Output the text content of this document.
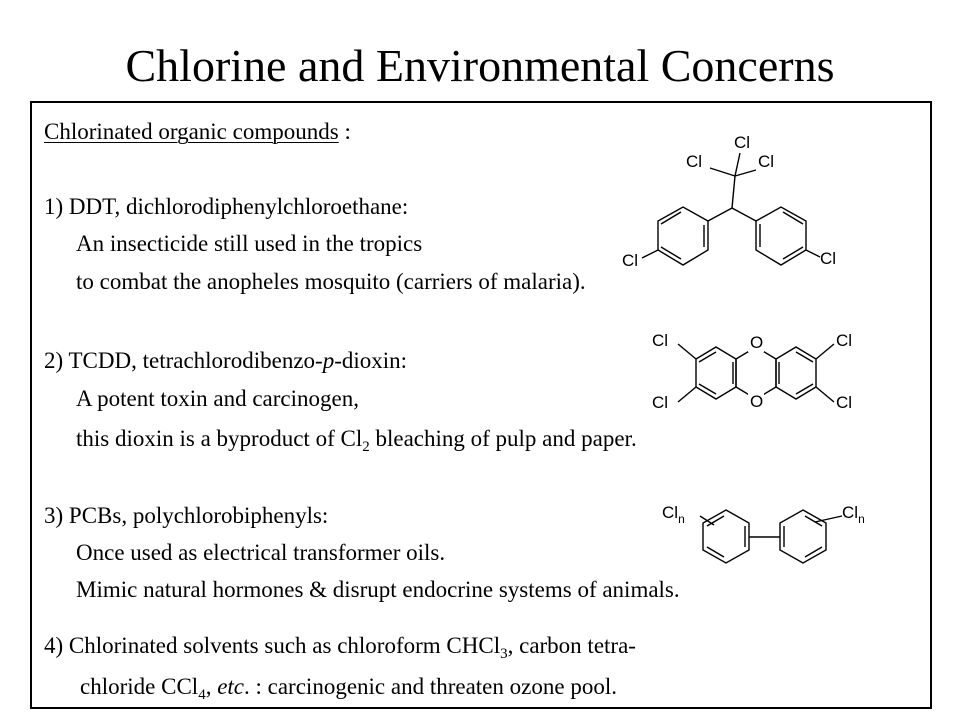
Chlorine and Environmental Concerns
Chlorinated organic compounds :
1) DDT, dichlorodiphenylchloroethane:
An insecticide still used in the tropics
to combat the anopheles mosquito (carriers of malaria).
Cl
Cl	Cl
Cl	Cl
2) TCDD, tetrachlorodibenzo-p-dioxin:
A potent toxin and carcinogen,
this dioxin is a byproduct of $Cl_2$ bleaching of pulp and paper.
O
O
Cl
Cl
Cl
Cl
3) PCBs, polychlorobiphenyls:
Once used as electrical transformer oils.
Mimic natural hormones & disrupt endocrine systems of animals.
$Cl_n$	$Cl_n$
4) Chlorinated solvents such as chloroform CHCl$_3$, carbon tetra-
chloride CCl$_4$, etc. : carcinogenic and threaten ozone pool.
